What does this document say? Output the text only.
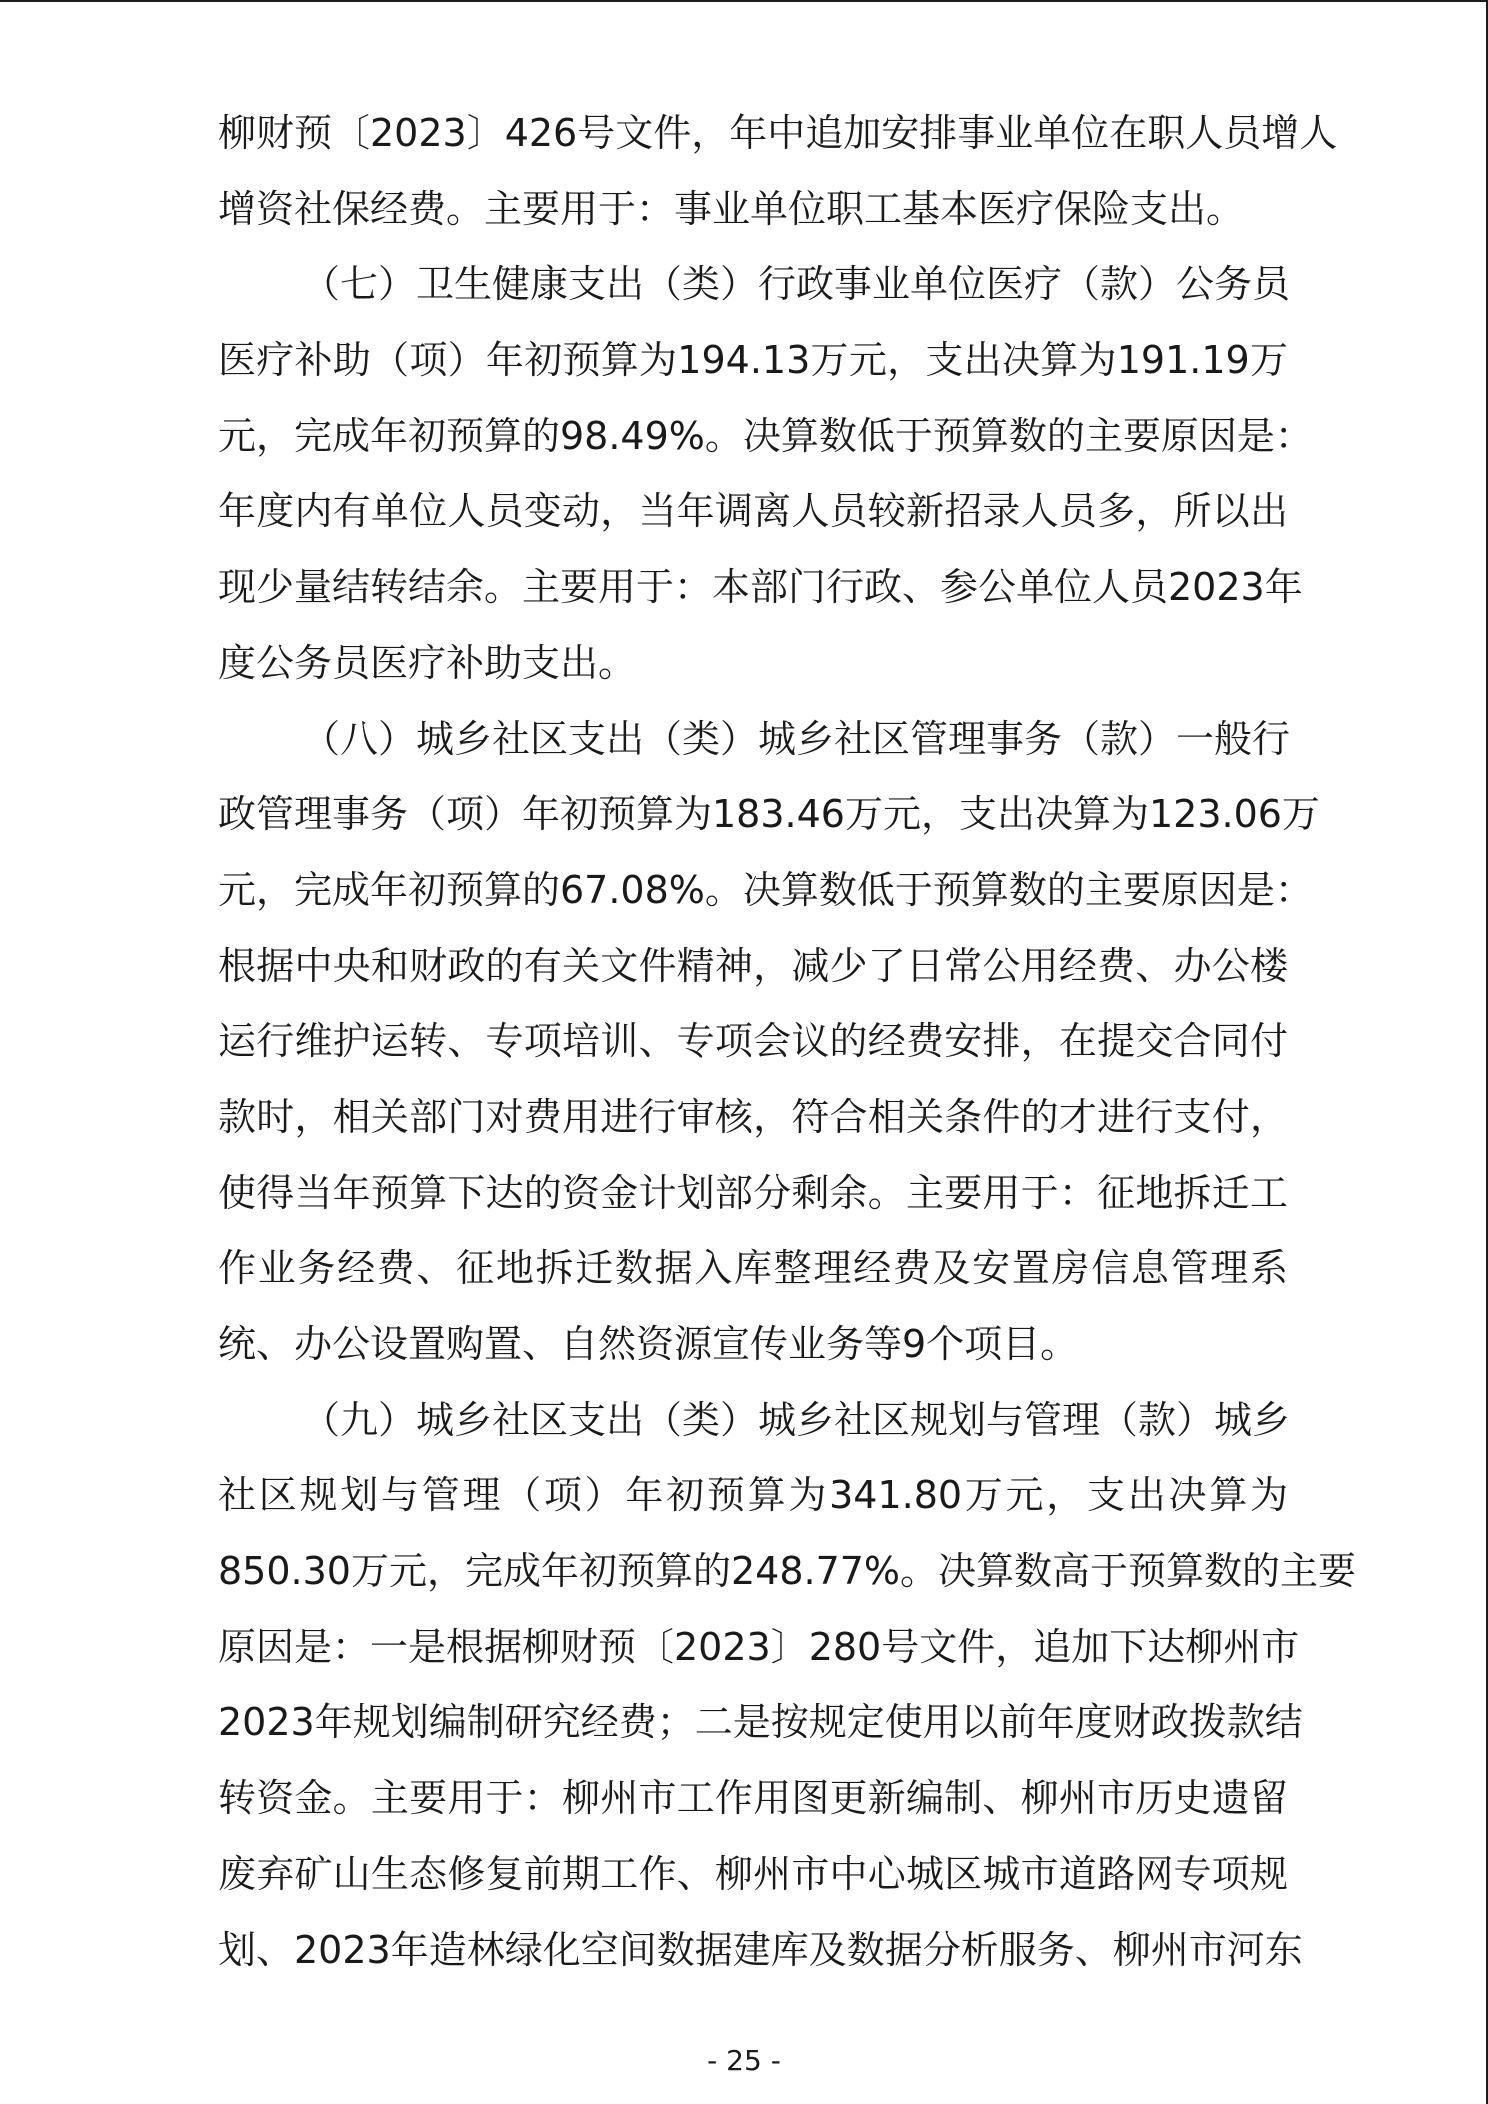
柳财预〔2023〕426号文件，年中追加安排事业单位在职人员增人
增资社保经费。主要用于：事业单位职工基本医疗保险支出。

（七）卫生健康支出（类）行政事业单位医疗（款）公务员
医疗补助（项）年初预算为194.13万元，支出决算为191.19万
元，完成年初预算的98.49%。决算数低于预算数的主要原因是：
年度内有单位人员变动，当年调离人员较新招录人员多，所以出
现少量结转结余。主要用于：本部门行政、参公单位人员2023年
度公务员医疗补助支出。

（八）城乡社区支出（类）城乡社区管理事务（款）一般行
政管理事务（项）年初预算为183.46万元，支出决算为123.06万
元，完成年初预算的67.08%。决算数低于预算数的主要原因是：
根据中央和财政的有关文件精神，减少了日常公用经费、办公楼
运行维护运转、专项培训、专项会议的经费安排，在提交合同付
款时，相关部门对费用进行审核，符合相关条件的才进行支付，
使得当年预算下达的资金计划部分剩余。主要用于：征地拆迁工
作业务经费、征地拆迁数据入库整理经费及安置房信息管理系
统、办公设置购置、自然资源宣传业务等9个项目。

（九）城乡社区支出（类）城乡社区规划与管理（款）城乡
社区规划与管理（项）年初预算为341.80万元，支出决算为
850.30万元，完成年初预算的248.77%。决算数高于预算数的主要
原因是：一是根据柳财预〔2023〕280号文件，追加下达柳州市
2023年规划编制研究经费；二是按规定使用以前年度财政拨款结
转资金。主要用于：柳州市工作用图更新编制、柳州市历史遗留
废弃矿山生态修复前期工作、柳州市中心城区城市道路网专项规
划、2023年造林绿化空间数据建库及数据分析服务、柳州市河东

- 25 -
